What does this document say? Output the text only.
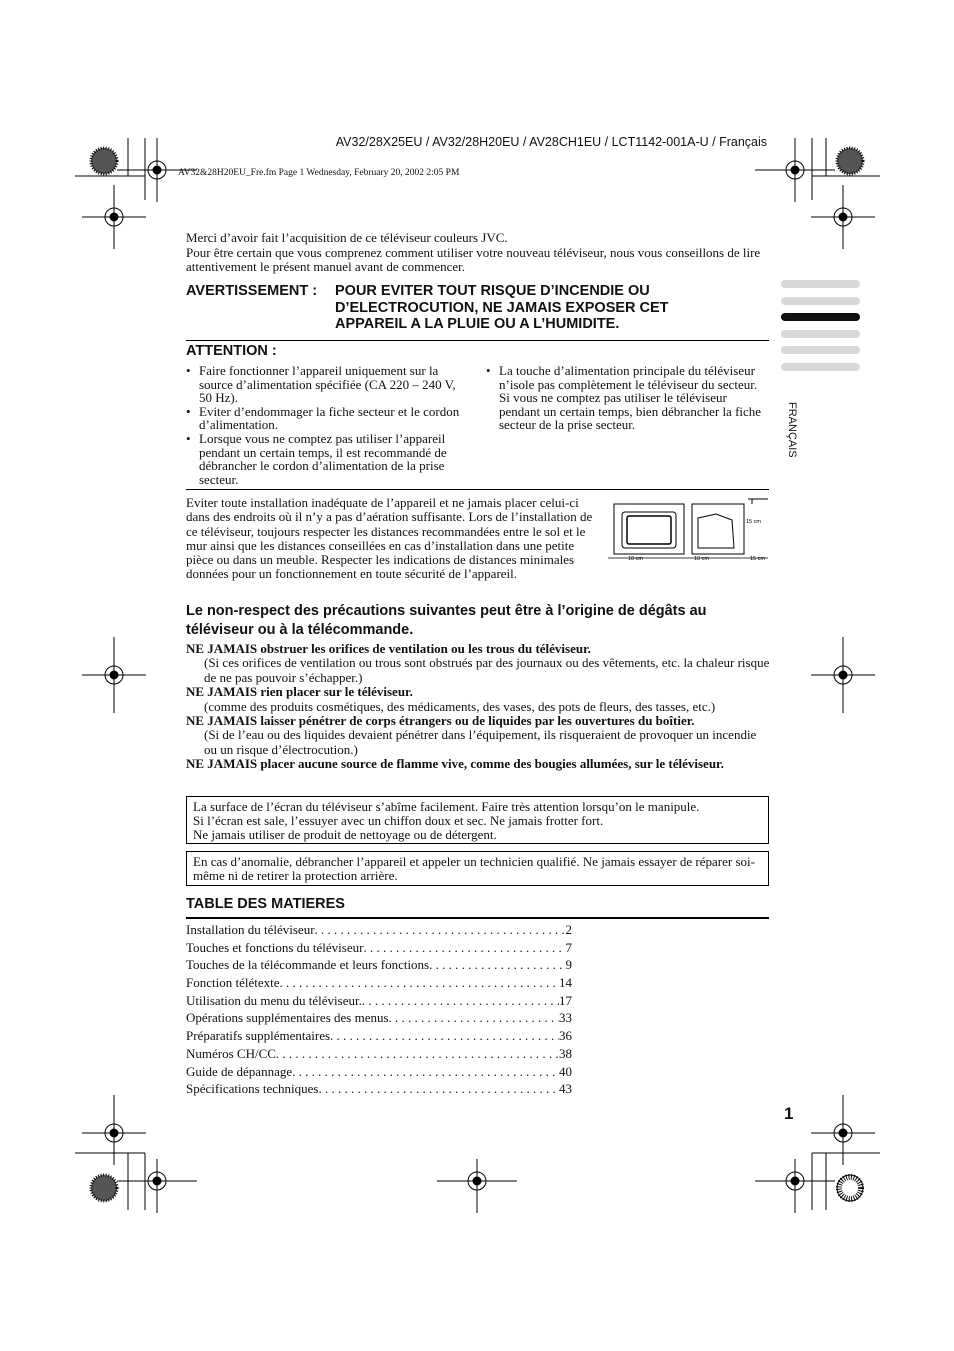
AV32/28X25EU / AV32/28H20EU / AV28CH1EU / LCT1142-001A-U / Français
AV32&28H20EU_Fre.fm Page 1 Wednesday, February 20, 2002 2:05 PM
FRANÇAIS
Merci d’avoir fait l’acquisition de ce téléviseur couleurs JVC.
Pour être certain que vous comprenez comment utiliser votre nouveau téléviseur, nous vous conseillons de lire attentivement le présent manuel avant de commencer.
AVERTISSEMENT : POUR EVITER TOUT RISQUE D’INCENDIE OU
D’ELECTROCUTION, NE JAMAIS EXPOSER CET
APPAREIL A LA PLUIE OU A L’HUMIDITE.
ATTENTION :
• Faire fonctionner l’appareil uniquement sur la source d’alimentation spécifiée (CA 220 – 240 V, 50 Hz).
• Eviter d’endommager la fiche secteur et le cordon d’alimentation.
• Lorsque vous ne comptez pas utiliser l’appareil pendant un certain temps, il est recommandé de débrancher le cordon d’alimentation de la prise secteur.
• La touche d’alimentation principale du téléviseur n’isole pas complètement le téléviseur du secteur. Si vous ne comptez pas utiliser le téléviseur pendant un certain temps, bien débrancher la fiche secteur de la prise secteur.
Eviter toute installation inadéquate de l’appareil et ne jamais placer celui-ci dans des endroits où il n’y a pas d’aération suffisante. Lors de l’installation de ce téléviseur, toujours respecter les distances recommandées entre le sol et le mur ainsi que les distances conseillées en cas d’installation dans une petite pièce ou dans un meuble. Respecter les indications de distances minimales données pour un fonctionnement en toute sécurité de l’appareil.
10 cm	10 cm
15 cm
15 cm
Le non-respect des précautions suivantes peut être à l’origine de dégâts au téléviseur ou à la télécommande.

NE JAMAIS obstruer les orifices de ventilation ou les trous du téléviseur.

(Si ces orifices de ventilation ou trous sont obstrués par des journaux ou des vêtements, etc. la chaleur risque de ne pas pouvoir s’échapper.)

NE JAMAIS rien placer sur le téléviseur.

(comme des produits cosmétiques, des médicaments, des vases, des pots de fleurs, des tasses, etc.)

NE JAMAIS laisser pénétrer de corps étrangers ou de liquides par les ouvertures du boîtier.

(Si de l’eau ou des liquides devaient pénétrer dans l’équipement, ils risqueraient de provoquer un incendie ou un risque d’électrocution.)

NE JAMAIS placer aucune source de flamme vive, comme des bougies allumées, sur le téléviseur.

La surface de l’écran du téléviseur s’abîme facilement. Faire très attention lorsqu’on le manipule.
Si l’écran est sale, l’essuyer avec un chiffon doux et sec. Ne jamais frotter fort.
Ne jamais utiliser de produit de nettoyage ou de détergent.
En cas d’anomalie, débrancher l’appareil et appeler un technicien qualifié. Ne jamais essayer de réparer soi-même ni de retirer la protection arrière.
TABLE DES MATIERES
Installation du téléviseur . . .	2
Touches et fonctions du téléviseur . . .	7
Touches de la télécommande et leurs fonctions . . .	9
Fonction télétexte . . .	14
Utilisation du menu du téléviseur. . . .	17
Opérations supplémentaires des menus . . .	33
Préparatifs supplémentaires . . .	36
Numéros CH/CC . . .	38
Guide de dépannage . . .	40
Spécifications techniques . . .	43
1
